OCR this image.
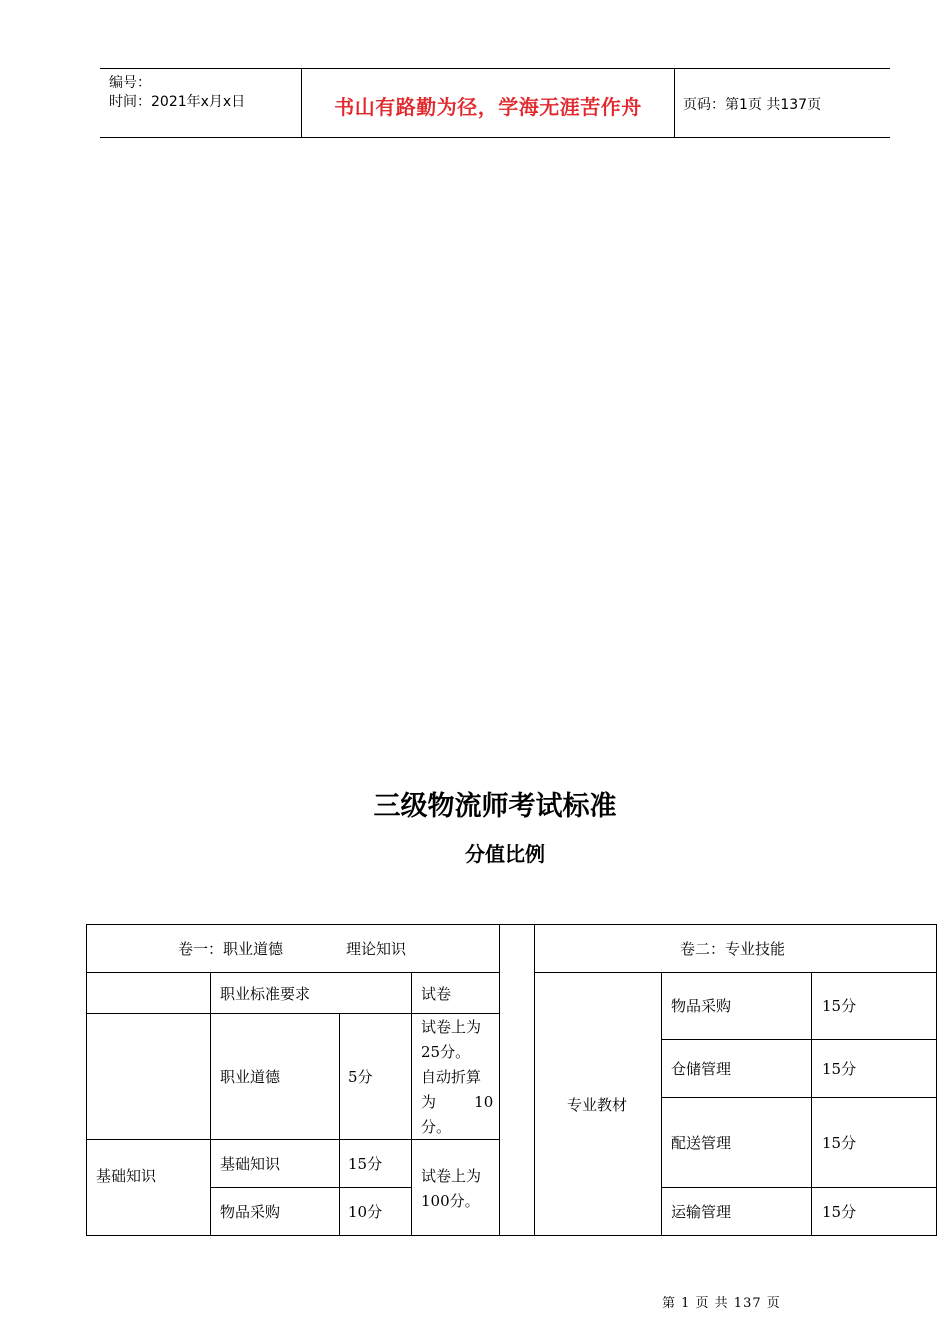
编号：
时间：2021年x月x日	书山有路勤为径，学海无涯苦作舟	页码：第1页 共137页
三级物流师考试标准
分值比例
卷一：职业道德	理论知识	卷二：专业技能
职业标准要求	试卷
职业道德	5分
试卷上为
25分。
自动折算
为        10
分。
基础知识
基础知识	15分
物品采购	10分
试卷上为
100分。
专业教材
物品采购	15分
仓储管理	15分
配送管理	15分
运输管理	15分
第 1 页 共 137 页
